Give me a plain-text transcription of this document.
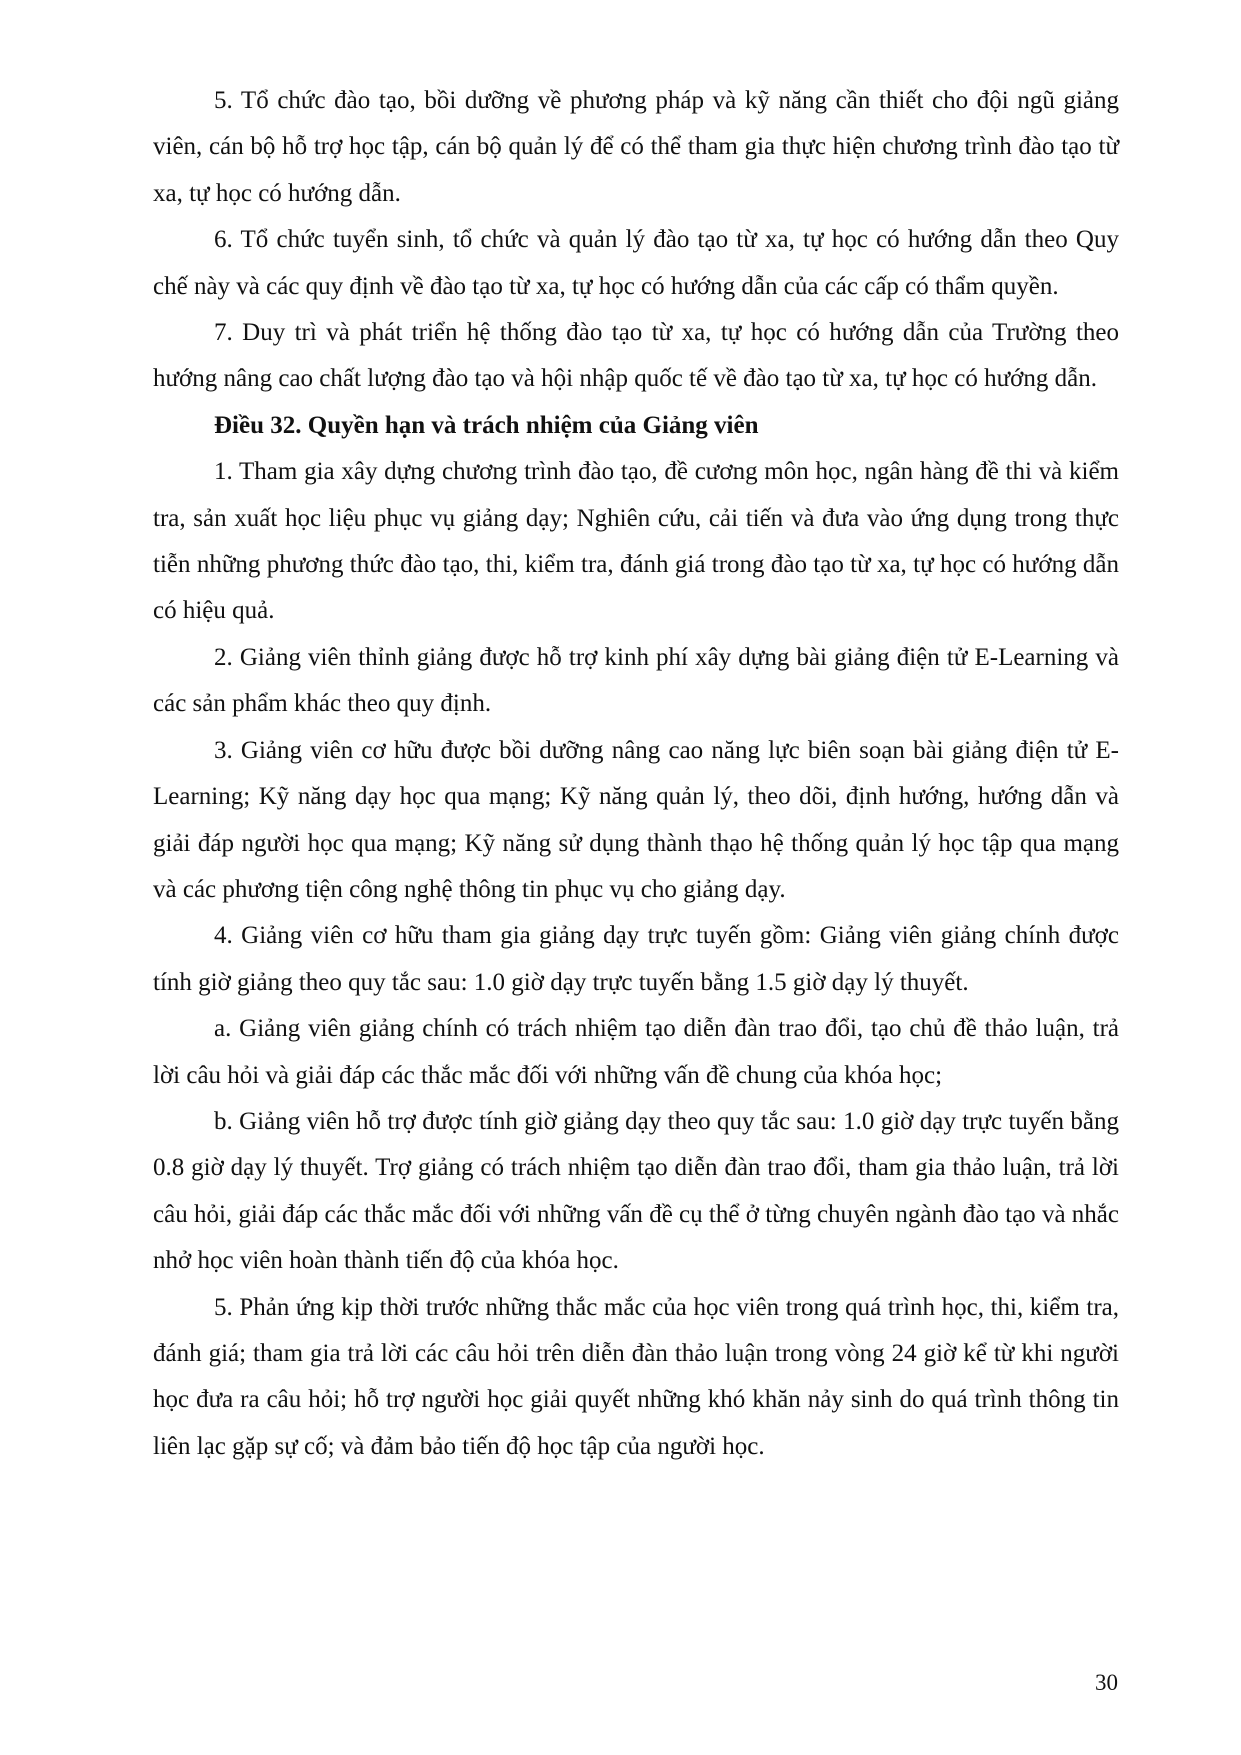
5. Tổ chức đào tạo, bồi dưỡng về phương pháp và kỹ năng cần thiết cho đội ngũ giảng viên, cán bộ hỗ trợ học tập, cán bộ quản lý để có thể tham gia thực hiện chương trình đào tạo từ xa, tự học có hướng dẫn.

6. Tổ chức tuyển sinh, tổ chức và quản lý đào tạo từ xa, tự học có hướng dẫn theo Quy chế này và các quy định về đào tạo từ xa, tự học có hướng dẫn của các cấp có thẩm quyền.

7. Duy trì và phát triển hệ thống đào tạo từ xa, tự học có hướng dẫn của Trường theo hướng nâng cao chất lượng đào tạo và hội nhập quốc tế về đào tạo từ xa, tự học có hướng dẫn.

Điều 32. Quyền hạn và trách nhiệm của Giảng viên

1. Tham gia xây dựng chương trình đào tạo, đề cương môn học, ngân hàng đề thi và kiểm tra, sản xuất học liệu phục vụ giảng dạy; Nghiên cứu, cải tiến và đưa vào ứng dụng trong thực tiễn những phương thức đào tạo, thi, kiểm tra, đánh giá trong đào tạo từ xa, tự học có hướng dẫn có hiệu quả.

2. Giảng viên thỉnh giảng được hỗ trợ kinh phí xây dựng bài giảng điện tử E-Learning và các sản phẩm khác theo quy định.

3. Giảng viên cơ hữu được bồi dưỡng nâng cao năng lực biên soạn bài giảng điện tử E-Learning; Kỹ năng dạy học qua mạng; Kỹ năng quản lý, theo dõi, định hướng, hướng dẫn và giải đáp người học qua mạng; Kỹ năng sử dụng thành thạo hệ thống quản lý học tập qua mạng và các phương tiện công nghệ thông tin phục vụ cho giảng dạy.

4. Giảng viên cơ hữu tham gia giảng dạy trực tuyến gồm: Giảng viên giảng chính được tính giờ giảng theo quy tắc sau: 1.0 giờ dạy trực tuyến bằng 1.5 giờ dạy lý thuyết.

a. Giảng viên giảng chính có trách nhiệm tạo diễn đàn trao đổi, tạo chủ đề thảo luận, trả lời câu hỏi và giải đáp các thắc mắc đối với những vấn đề chung của khóa học;

b. Giảng viên hỗ trợ được tính giờ giảng dạy theo quy tắc sau: 1.0 giờ dạy trực tuyến bằng 0.8 giờ dạy lý thuyết. Trợ giảng có trách nhiệm tạo diễn đàn trao đổi, tham gia thảo luận, trả lời câu hỏi, giải đáp các thắc mắc đối với những vấn đề cụ thể ở từng chuyên ngành đào tạo và nhắc nhở học viên hoàn thành tiến độ của khóa học.

5. Phản ứng kịp thời trước những thắc mắc của học viên trong quá trình học, thi, kiểm tra, đánh giá; tham gia trả lời các câu hỏi trên diễn đàn thảo luận trong vòng 24 giờ kể từ khi người học đưa ra câu hỏi; hỗ trợ người học giải quyết những khó khăn nảy sinh do quá trình thông tin liên lạc gặp sự cố; và đảm bảo tiến độ học tập của người học.

30
